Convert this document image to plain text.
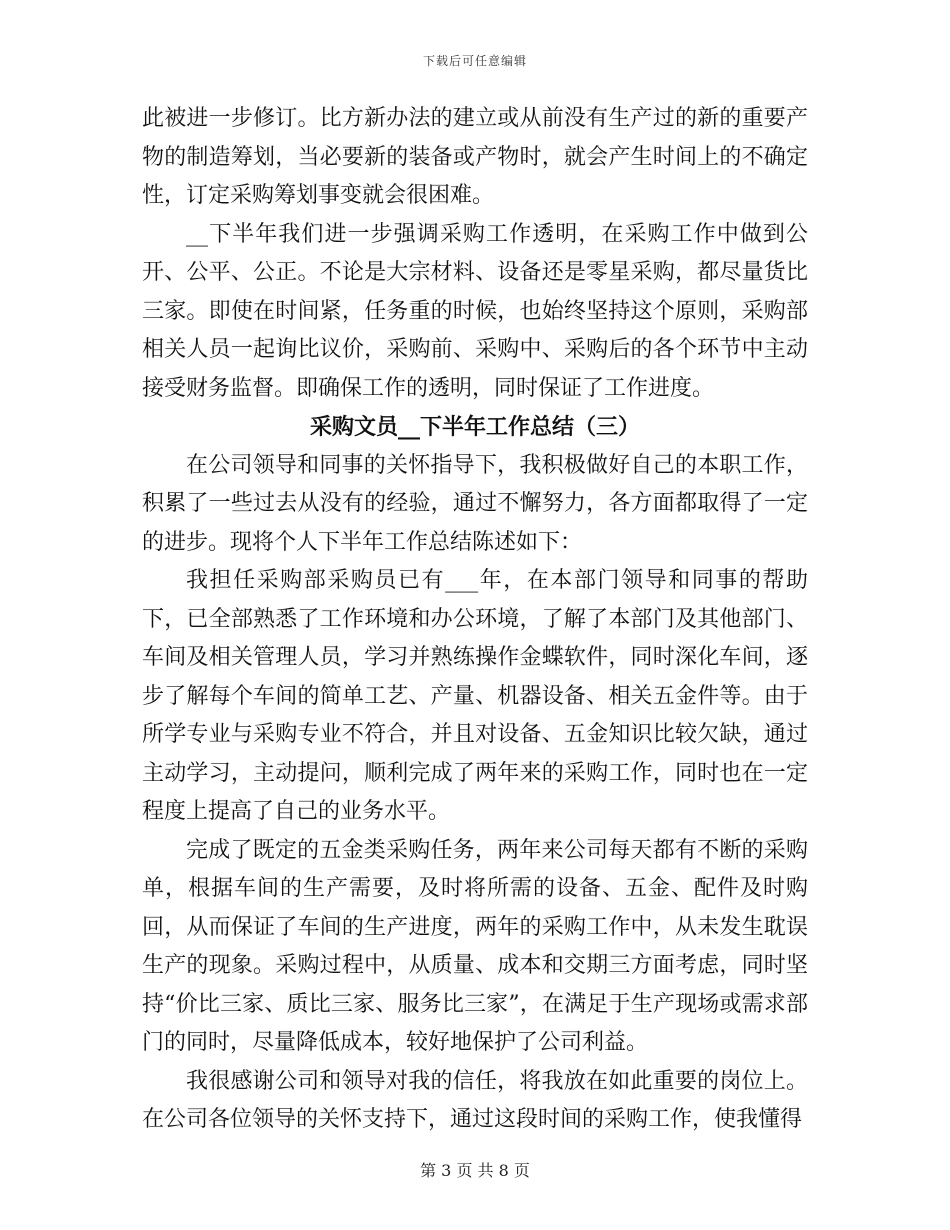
下载后可任意编辑

此被进一步修订。比方新办法的建立或从前没有生产过的新的重要产物的制造筹划，当必要新的装备或产物时，就会产生时间上的不确定性，订定采购筹划事变就会很困难。

__下半年我们进一步强调采购工作透明，在采购工作中做到公开、公平、公正。不论是大宗材料、设备还是零星采购，都尽量货比三家。即使在时间紧，任务重的时候，也始终坚持这个原则，采购部相关人员一起询比议价，采购前、采购中、采购后的各个环节中主动接受财务监督。即确保工作的透明，同时保证了工作进度。

采购文员__下半年工作总结（三）

在公司领导和同事的关怀指导下，我积极做好自己的本职工作，积累了一些过去从没有的经验，通过不懈努力，各方面都取得了一定的进步。现将个人下半年工作总结陈述如下：

我担任采购部采购员已有___年，在本部门领导和同事的帮助下，已全部熟悉了工作环境和办公环境，了解了本部门及其他部门、车间及相关管理人员，学习并熟练操作金蝶软件，同时深化车间，逐步了解每个车间的简单工艺、产量、机器设备、相关五金件等。由于所学专业与采购专业不符合，并且对设备、五金知识比较欠缺，通过主动学习，主动提问，顺利完成了两年来的采购工作，同时也在一定程度上提高了自己的业务水平。

完成了既定的五金类采购任务，两年来公司每天都有不断的采购单，根据车间的生产需要，及时将所需的设备、五金、配件及时购回，从而保证了车间的生产进度，两年的采购工作中，从未发生耽误生产的现象。采购过程中，从质量、成本和交期三方面考虑，同时坚持“价比三家、质比三家、服务比三家”，在满足于生产现场或需求部门的同时，尽量降低成本，较好地保护了公司利益。

我很感谢公司和领导对我的信任，将我放在如此重要的岗位上。在公司各位领导的关怀支持下，通过这段时间的采购工作，使我懂得

第 3 页 共 8 页
